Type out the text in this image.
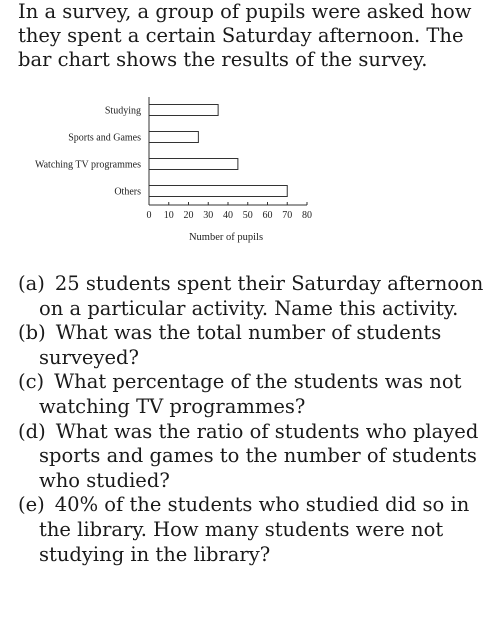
In a survey, a group of pupils were asked how they spent a certain Saturday afternoon. The bar chart shows the results of the survey.

Studying
Sports and Games
Watching TV programmes
Others
0 10 20 30 40 50 60 70 80
Number of pupils
(a) 25 students spent their Saturday afternoon on a particular activity. Name this activity.
(b) What was the total number of students surveyed?
(c) What percentage of the students was not watching TV programmes?
(d) What was the ratio of students who played sports and games to the number of students
who studied?
(e) 40% of the students who studied did so in the library. How many students were not studying in the library?
